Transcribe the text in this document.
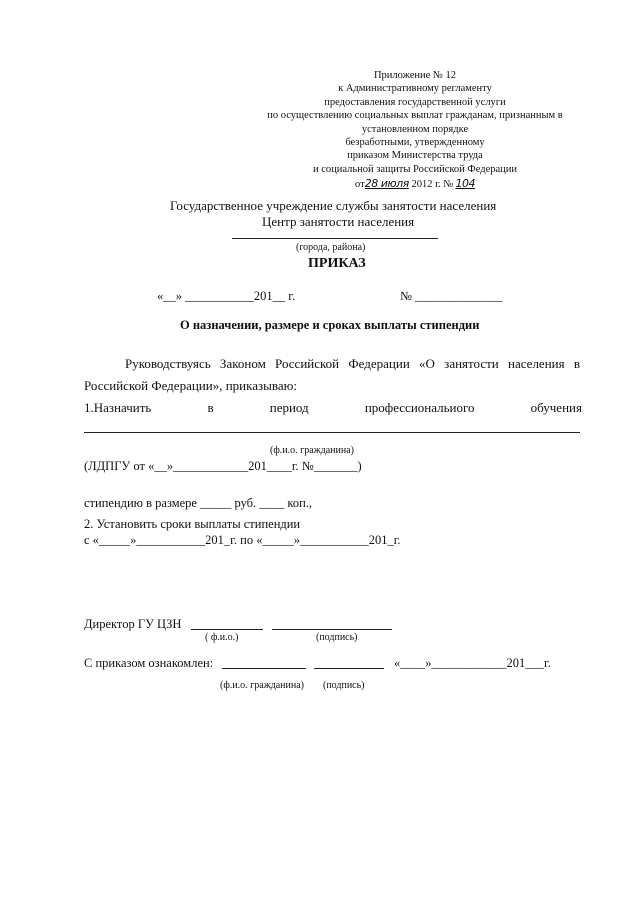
Приложение № 12
к Административному регламенту
предоставления государственной услуги
по осуществлению социальных выплат гражданам, признанным в
установленном порядке
безработными, утвержденному
приказом Министерства труда
и социальной защиты Российской Федерации
от28 июля 2012 г. № 104
Государственное учреждение службы занятости населения
Центр занятости населения
(города, района)
ПРИКАЗ
«__» ___________201__ г.	№ ______________
О назначении, размере и сроках выплаты стипендии
Руководствуясь Законом Российской Федерации «О занятости населения в
Российской Федерации», приказываю:
1.Назначить	в	период	профессиональиого	обучения
(ф.и.о. гражданина)
(ЛДПГУ от «__»____________201____г. №_______)
стипендию в размере _____ руб. ____ коп.,
2. Установить сроки выплаты стипендии
с «_____»___________201_г. по «_____»___________201_г.
Директор ГУ ЦЗН
( ф.и.о.)	(подпись)
С приказом ознакомлен:	«____»____________201___г.
(ф.и.о. гражданина) (подпись)
